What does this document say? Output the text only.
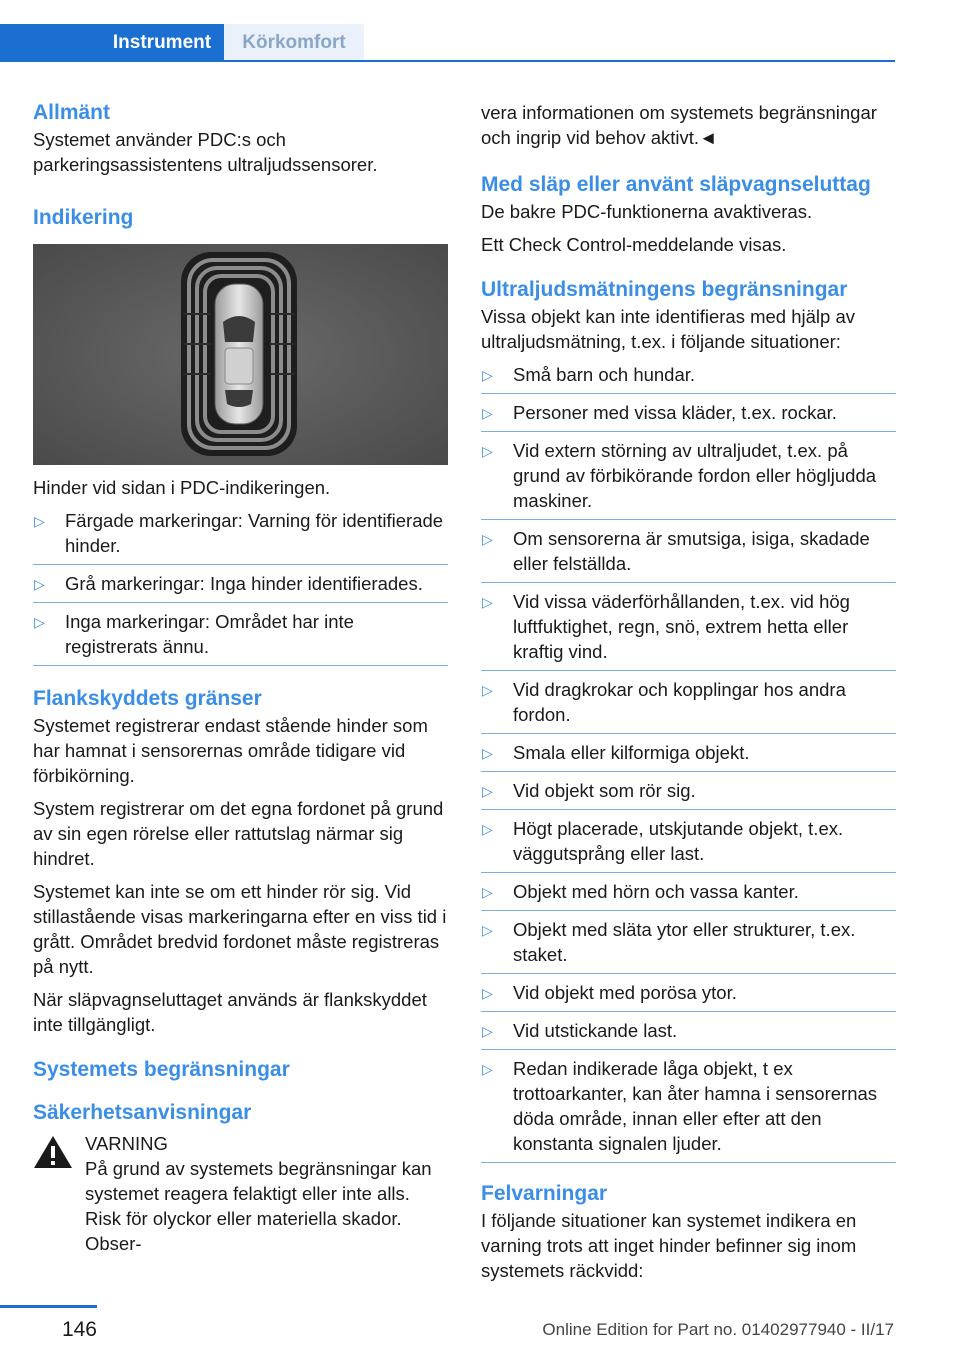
Instrument	Körkomfort
Allmänt

Systemet använder PDC:s och parkeringsassistentens ultraljudssensorer.

Indikering

Hinder vid sidan i PDC-indikeringen.

▷ Färgade markeringar: Varning för identifierade hinder.
▷ Grå markeringar: Inga hinder identifierades.
▷ Inga markeringar: Området har inte registrerats ännu.
Flankskyddets gränser

Systemet registrerar endast stående hinder som har hamnat i sensorernas område tidigare vid förbikörning.

System registrerar om det egna fordonet på grund av sin egen rörelse eller rattutslag närmar sig hindret.

Systemet kan inte se om ett hinder rör sig. Vid stillastående visas markeringarna efter en viss tid i grått. Området bredvid fordonet måste registreras på nytt.

När släpvagnseluttaget används är flankskyddet inte tillgängligt.

Systemets begränsningar
Säkerhetsanvisningar
VARNING
På grund av systemets begränsningar kan systemet reagera felaktigt eller inte alls. Risk för olyckor eller materiella skador. Obser-

vera informationen om systemets begränsningar och ingrip vid behov aktivt.◄

Med släp eller använt släpvagnseluttag

De bakre PDC-funktionerna avaktiveras.

Ett Check Control-meddelande visas.

Ultraljudsmätningens begränsningar

Vissa objekt kan inte identifieras med hjälp av ultraljudsmätning, t.ex. i följande situationer:

▷ Små barn och hundar.
▷ Personer med vissa kläder, t.ex. rockar.
▷ Vid extern störning av ultraljudet, t.ex. på grund av förbikörande fordon eller högljudda maskiner.
▷ Om sensorerna är smutsiga, isiga, skadade eller felställda.
▷ Vid vissa väderförhållanden, t.ex. vid hög luftfuktighet, regn, snö, extrem hetta eller kraftig vind.
▷ Vid dragkrokar och kopplingar hos andra fordon.
▷ Smala eller kilformiga objekt.
▷ Vid objekt som rör sig.
▷ Högt placerade, utskjutande objekt, t.ex. väggutsprång eller last.
▷ Objekt med hörn och vassa kanter.
▷ Objekt med släta ytor eller strukturer, t.ex. staket.
▷ Vid objekt med porösa ytor.
▷ Vid utstickande last.
▷ Redan indikerade låga objekt, t ex trottoarkanter, kan åter hamna i sensorernas döda område, innan eller efter att den konstanta signalen ljuder.
Felvarningar

I följande situationer kan systemet indikera en varning trots att inget hinder befinner sig inom systemets räckvidd:

146	Online Edition for Part no. 01402977940 - II/17
